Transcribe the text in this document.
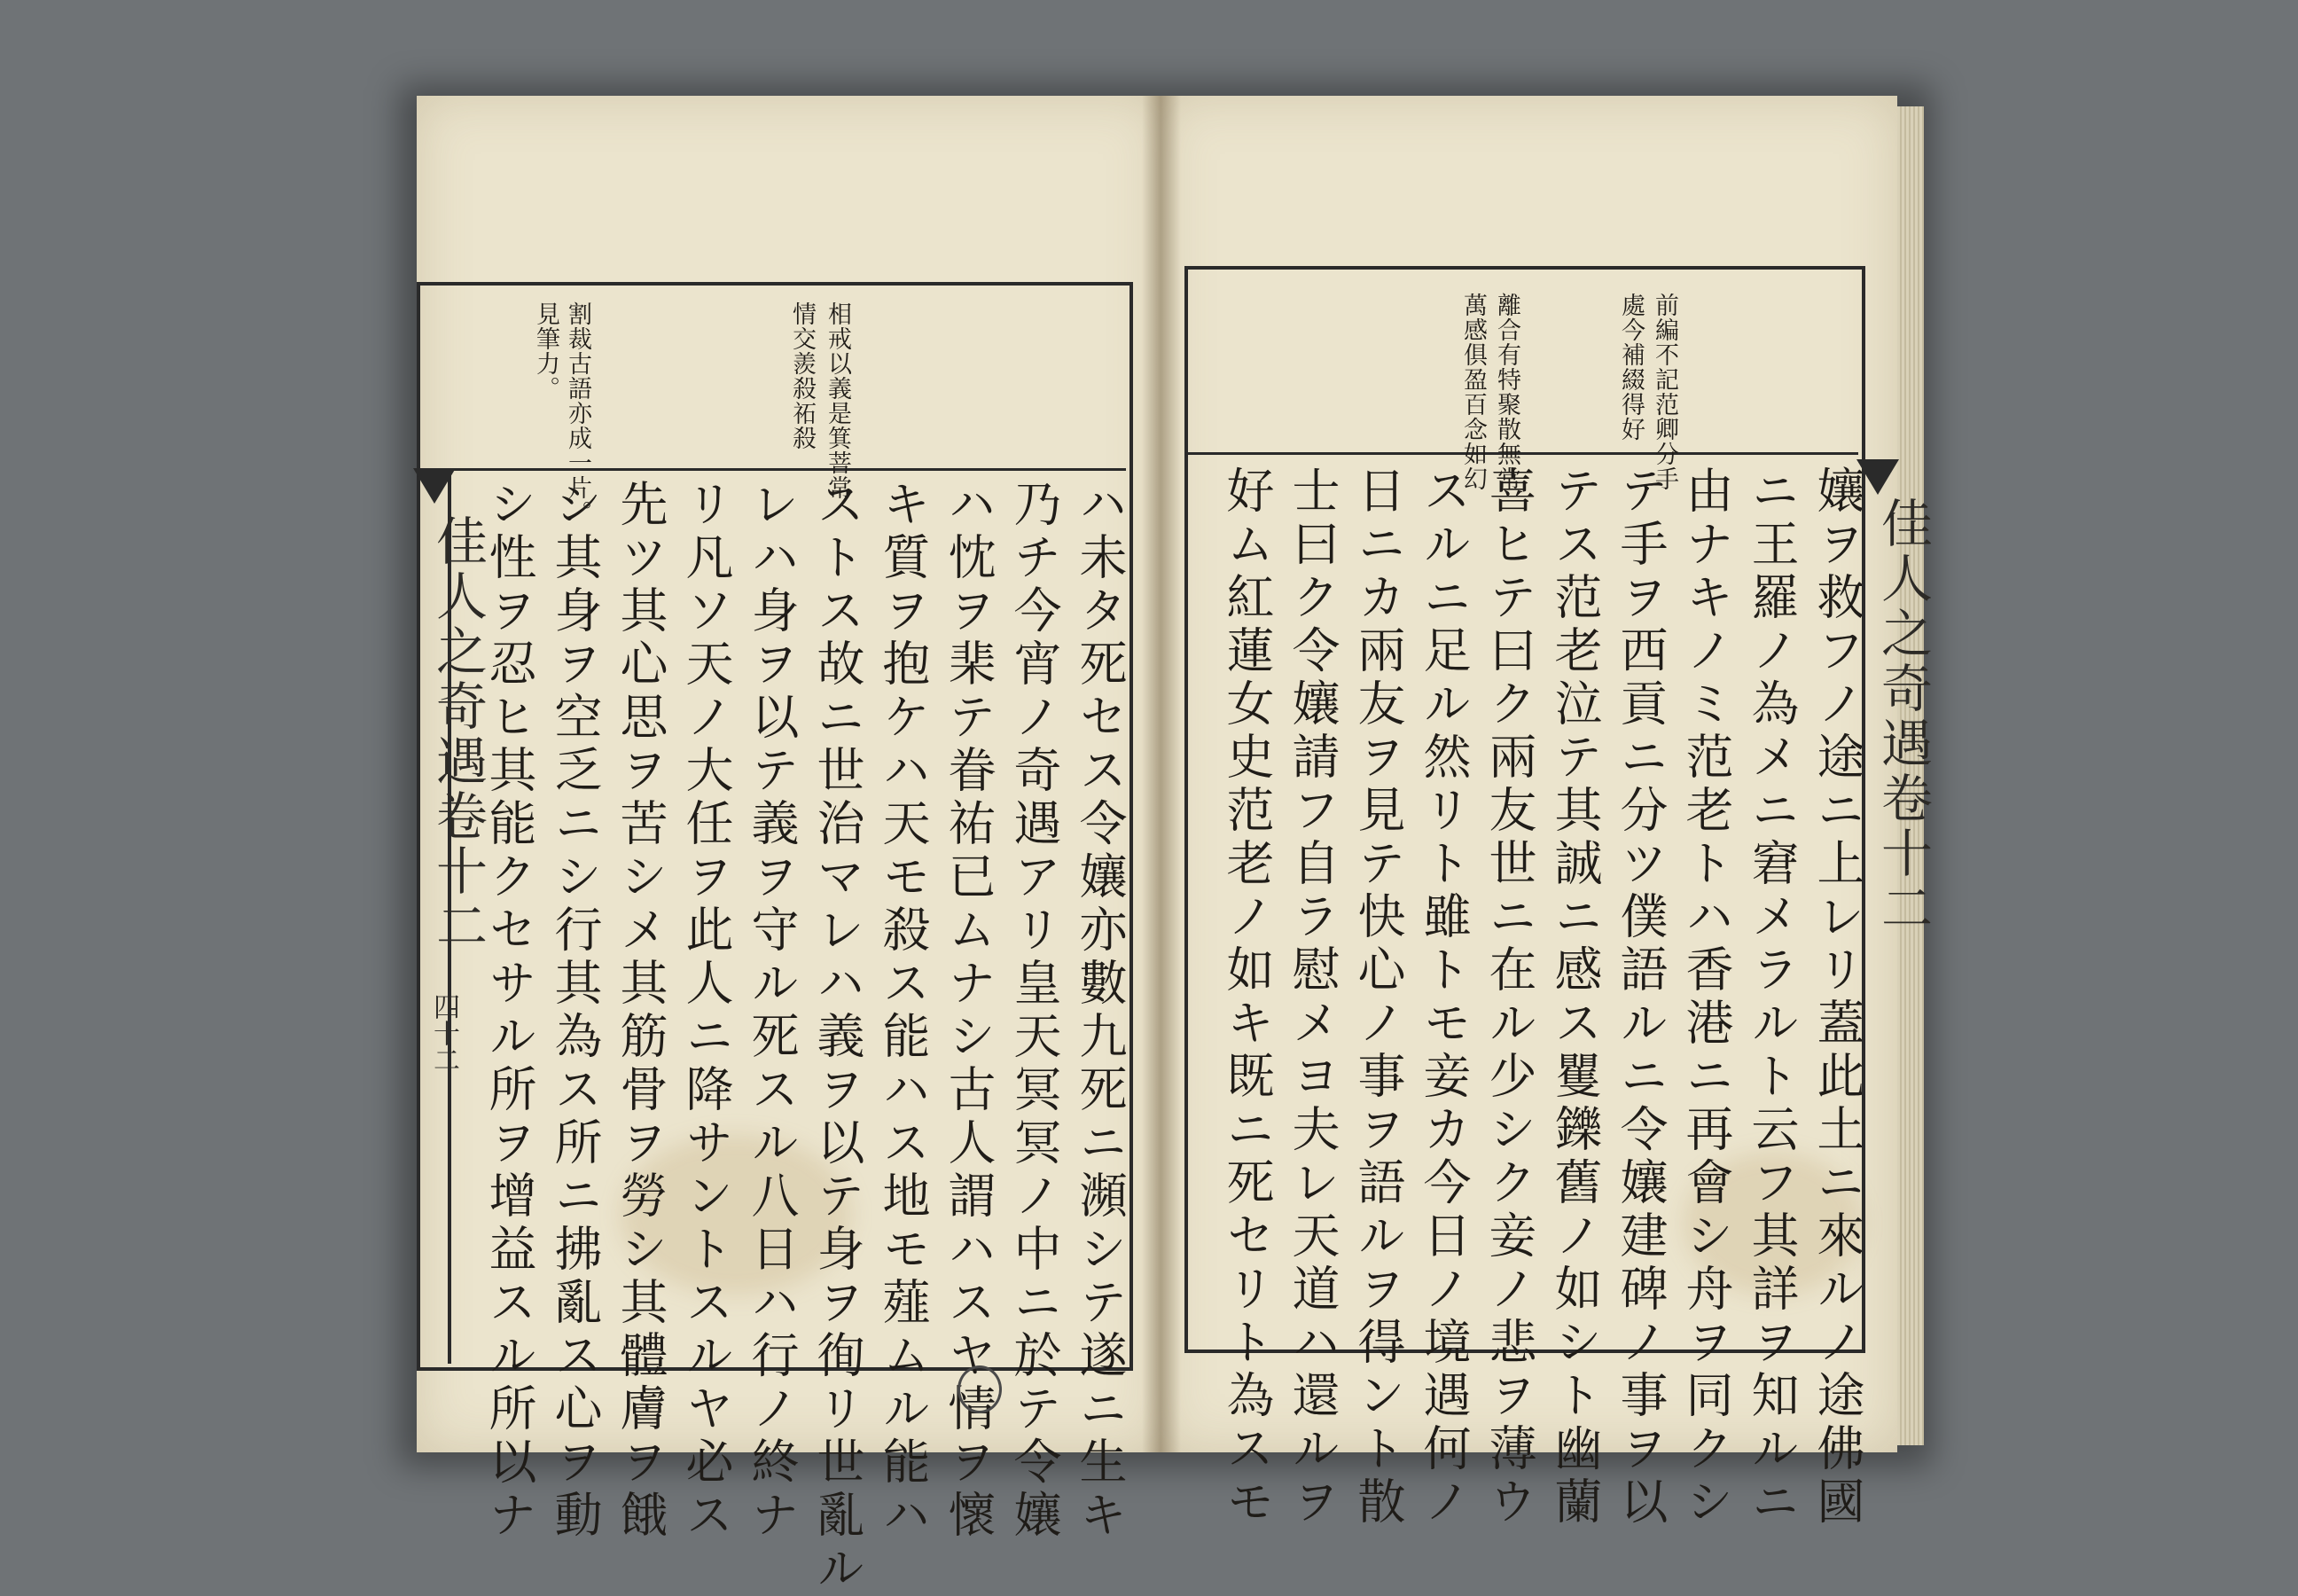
相戒以義是箕菩常
情交羨殺祏殺
割裁古語亦成一片。
見筆力。
ハ未タ死セス令孃亦數九死ニ瀕シテ遂ニ生キ
乃チ今宵ノ奇遇アリ皇天冥冥ノ中ニ於テ令孃
ハ忱ヲ棐テ眷祐已ムナシ古人謂ハスヤ情ヲ懷
キ質ヲ抱ケハ天モ殺ス能ハス地モ薤ムル能ハ
ストス故ニ世治マレハ義ヲ以テ身ヲ徇リ世亂ル
レハ身ヲ以テ義ヲ守ル死スル八日ハ行ノ終ナ
リ凡ソ天ノ大任ヲ此人ニ降サントスルヤ必ス
先ツ其心思ヲ苦シメ其筋骨ヲ勞シ其體膚ヲ餓
シ其身ヲ空乏ニシ行其為ス所ニ拂亂ス心ヲ動
シ性ヲ忍ヒ其能クセサル所ヲ增益スル所以ナ
佳人之奇遇卷十二
四十二
前編不記范卿分手
處今補綴得好
離合有特聚散無常
萬感俱盈百念如幻
孃ヲ救フノ途ニ上レリ蓋此土ニ來ルノ途佛國
ニ王羅ノ為メニ窘メラルト云フ其詳ヲ知ルニ
由ナキノミ范老トハ香港ニ再會シ舟ヲ同クシ
テ手ヲ西貢ニ分ツ僕語ルニ令孃建碑ノ事ヲ以
テス范老泣テ其誠ニ感ス矍鑠舊ノ如シト幽蘭
喜ヒテ曰ク兩友世ニ在ル少シク妾ノ悲ヲ薄ウ
スルニ足ル然リト雖トモ妾カ今日ノ境遇何ノ
日ニカ兩友ヲ見テ快心ノ事ヲ語ルヲ得ント散
士曰ク令孃請フ自ラ慰メヨ夫レ天道ハ還ルヲ
好ム紅蓮女史范老ノ如キ既ニ死セリト為スモ	佳人之奇遇卷十二
